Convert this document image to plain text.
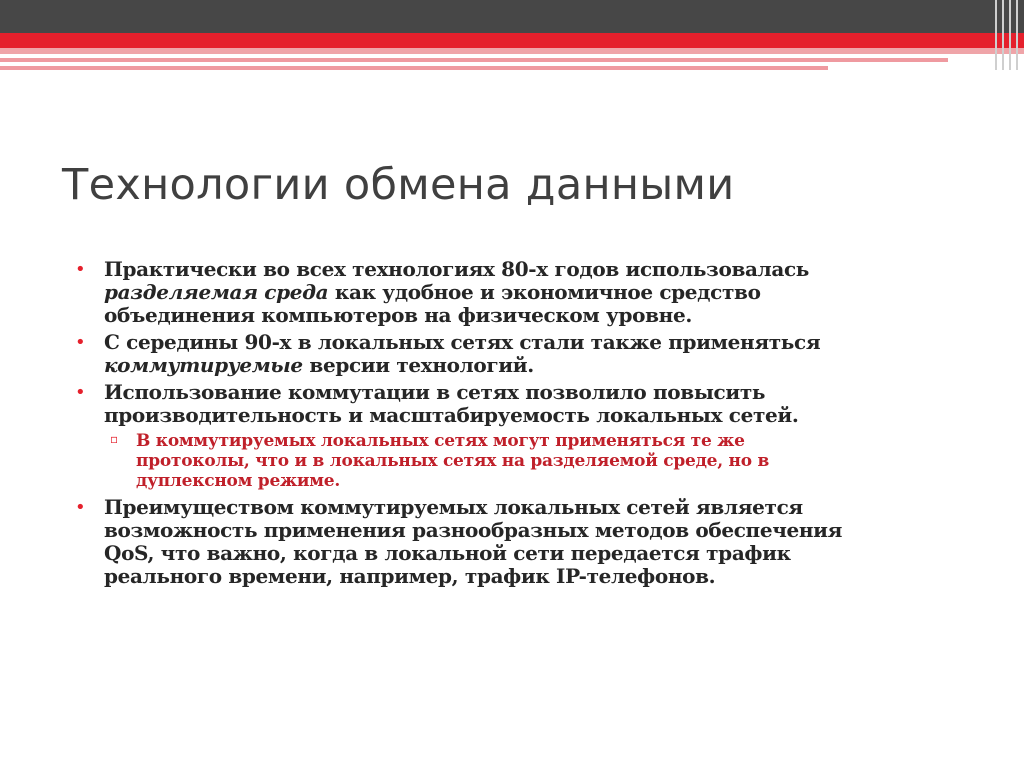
Технологии обмена данными
• Практически во всех технологиях 80-х годов использовалась
разделяемая среда как удобное и экономичное средство
объединения компьютеров на физическом уровне.
• С середины 90-х в локальных сетях стали также применяться
коммутируемые версии технологий.
• Использование коммутации в сетях позволило повысить
производительность и масштабируемость локальных сетей.
▫ В коммутируемых локальных сетях могут применяться те же
протоколы, что и в локальных сетях на разделяемой среде, но в
дуплексном режиме.
• Преимуществом коммутируемых локальных сетей является
возможность применения разнообразных методов обеспечения
QoS, что важно, когда в локальной сети передается трафик
реального времени, например, трафик IP-телефонов.
